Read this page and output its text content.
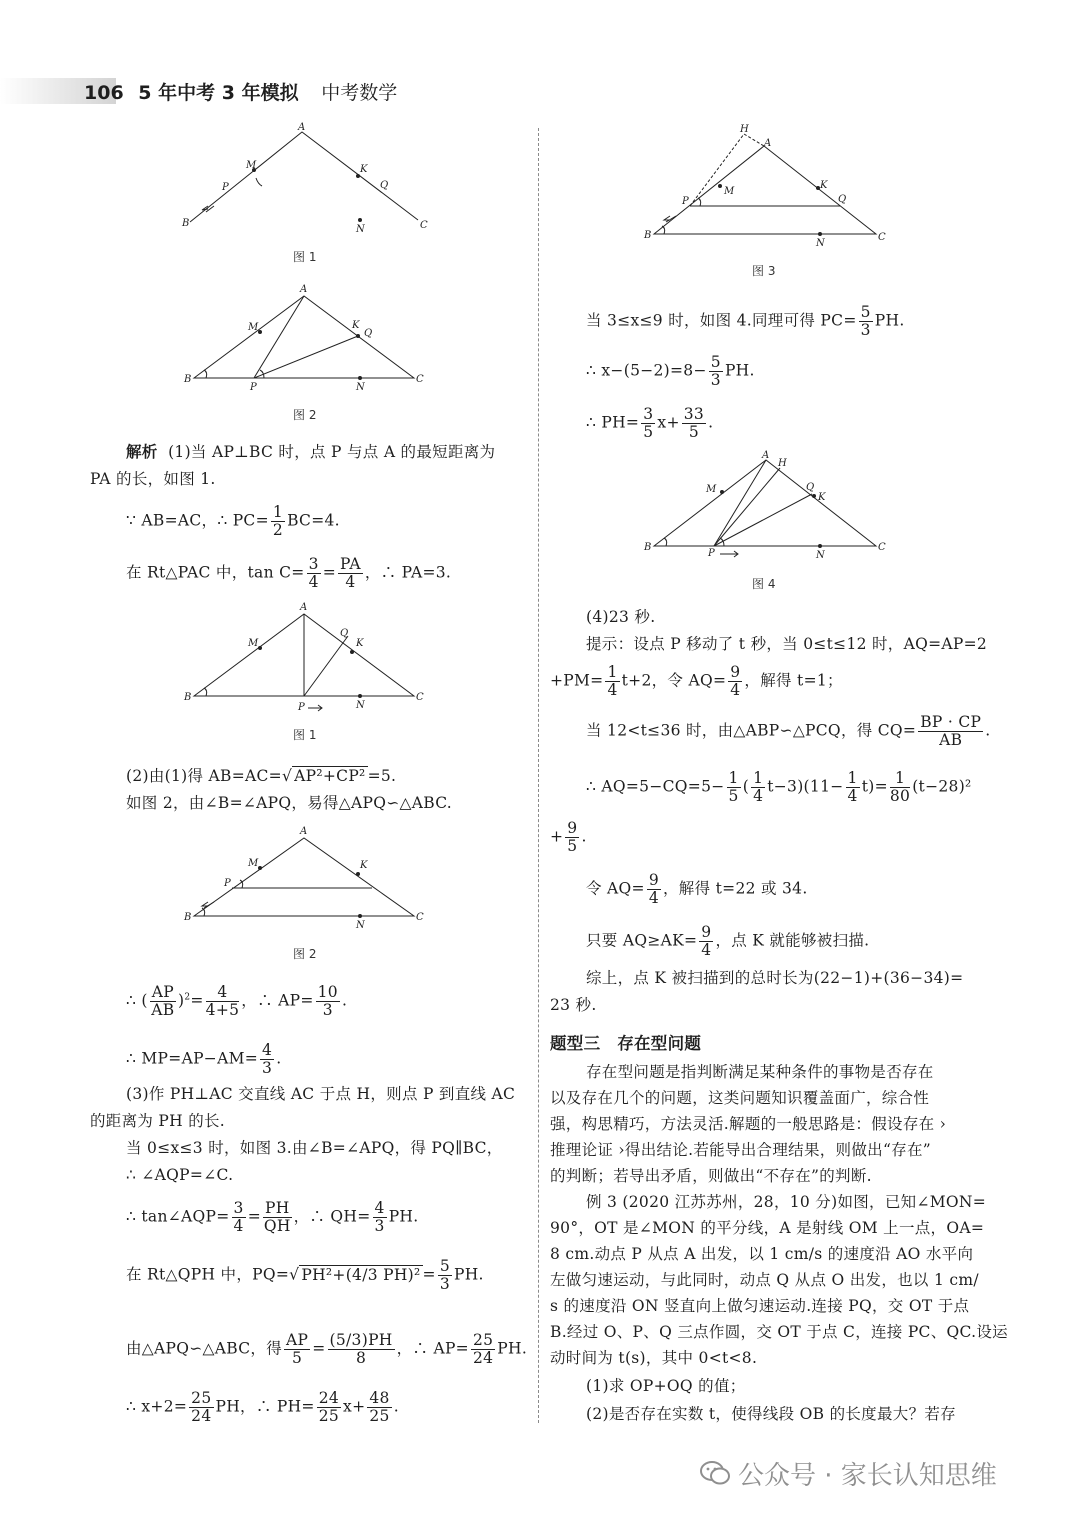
106 5 年中考 3 年模拟 中考数学
A
B	C
M	K
P	Q
N
图 1
A
B	C
M	K
Q
P	N
图 2
解析 (1)当 AP⊥BC 时，点 P 与点 A 的最短距离为
PA 的长，如图 1.
∵ AB=AC，∴ $PC= \frac{1}{2} BC=4$.
在 Rt△PAC 中，$\tan C= \frac{3}{4} = \frac{PA}{4}$ ，∴ PA=3.
A
B	C
M	K
Q
P	N
图 1
(2)由(1)得 AB=AC=√ AP²+CP² =5.
如图 2，由∠B=∠APQ，易得△APQ∽△ABC.
A
B	C
M	K
P
N
图 2
∴ ( $\frac{AP}{AB} )^2= \frac{4}{4+5}$ ，∴ $AP= \frac{10}{3}$ .
∴ $MP=AP-AM= \frac{4}{3}$ .
(3)作 PH⊥AC 交直线 AC 于点 H，则点 P 到直线 AC
的距离为 PH 的长.
当 0≤x≤3 时，如图 3.由∠B=∠APQ，得 PQ∥BC，
∴ ∠AQP=∠C.
∴ tan∠AQP= $\frac{3}{4} = \frac{PH}{QH}$ ，∴ $QH= \frac{4}{3}$ PH.
在 Rt△QPH 中，PQ=√ PH²+(4/3 $PH)^2 = \frac{5}{3}$ PH.
由△APQ∽△ABC，得 $\frac{AP}{5} = \frac{(5/3)PH}{8}$ ，∴ $AP= \frac{25}{24}$ PH.
∴ $x+2= \frac{25}{24}$ PH，∴ $PH= \frac{24}{25} x+ \frac{48}{25}$ .
H
A
B	C
M
K
Q
P
N
图 3
当 3≤x≤9 时，如图 4.同理可得 $PC= \frac{5}{3}$ PH.
∴ $x-(5-2)=8- \frac{5}{3}$ PH.
∴ $PH= \frac{3}{5} x+ \frac{33}{5}$ .
A
H
B	C
M	Q
K
P	N
图 4
(4)23 秒.
提示：设点 P 移动了 t 秒，当 0≤t≤12 时，AQ=AP=2
$+PM= \frac{1}{4} t+2$，令 $AQ= \frac{9}{4}$ ，解得 t=1；
当 12<t≤36 时，由△ABP∽△PCQ，得 $CQ= \frac{BP \cdot CP}{AB}$ .
∴ $AQ=5-CQ=5- \frac{1}{5}$ ( $\frac{1}{4} t-3)(11- \frac{1}{4} t)= \frac{1}{80} (t-28)^2$
+ $\frac{9}{5}$ .
令 $AQ= \frac{9}{4}$ ，解得 t=22 或 34.
只要 $AQ\ge AK= \frac{9}{4}$ ，点 K 就能够被扫描.
综上，点 K 被扫描到的总时长为(22−1)+(36−34)=
23 秒.
题型三　存在型问题
存在型问题是指判断满足某种条件的事物是否存在
以及存在几个的问题，这类问题知识覆盖面广，综合性
强，构思精巧，方法灵活.解题的一般思路是：假设存在 ›
推理论证 ›得出结论.若能导出合理结果，则做出“存在”
的判断；若导出矛盾，则做出“不存在”的判断.
例 3 (2020 江苏苏州，28，10 分)如图，已知∠MON=
90°，OT 是∠MON 的平分线，A 是射线 OM 上一点，OA=
8 cm.动点 P 从点 A 出发，以 1 cm/s 的速度沿 AO 水平向
左做匀速运动，与此同时，动点 Q 从点 O 出发，也以 1 cm/
s 的速度沿 ON 竖直向上做匀速运动.连接 PQ，交 OT 于点
B.经过 O、P、Q 三点作圆，交 OT 于点 C，连接 PC、QC.设运
动时间为 t(s)，其中 0<t<8.
(1)求 OP+OQ 的值；
(2)是否存在实数 t，使得线段 OB 的长度最大？若存
公众号 · 家长认知思维
